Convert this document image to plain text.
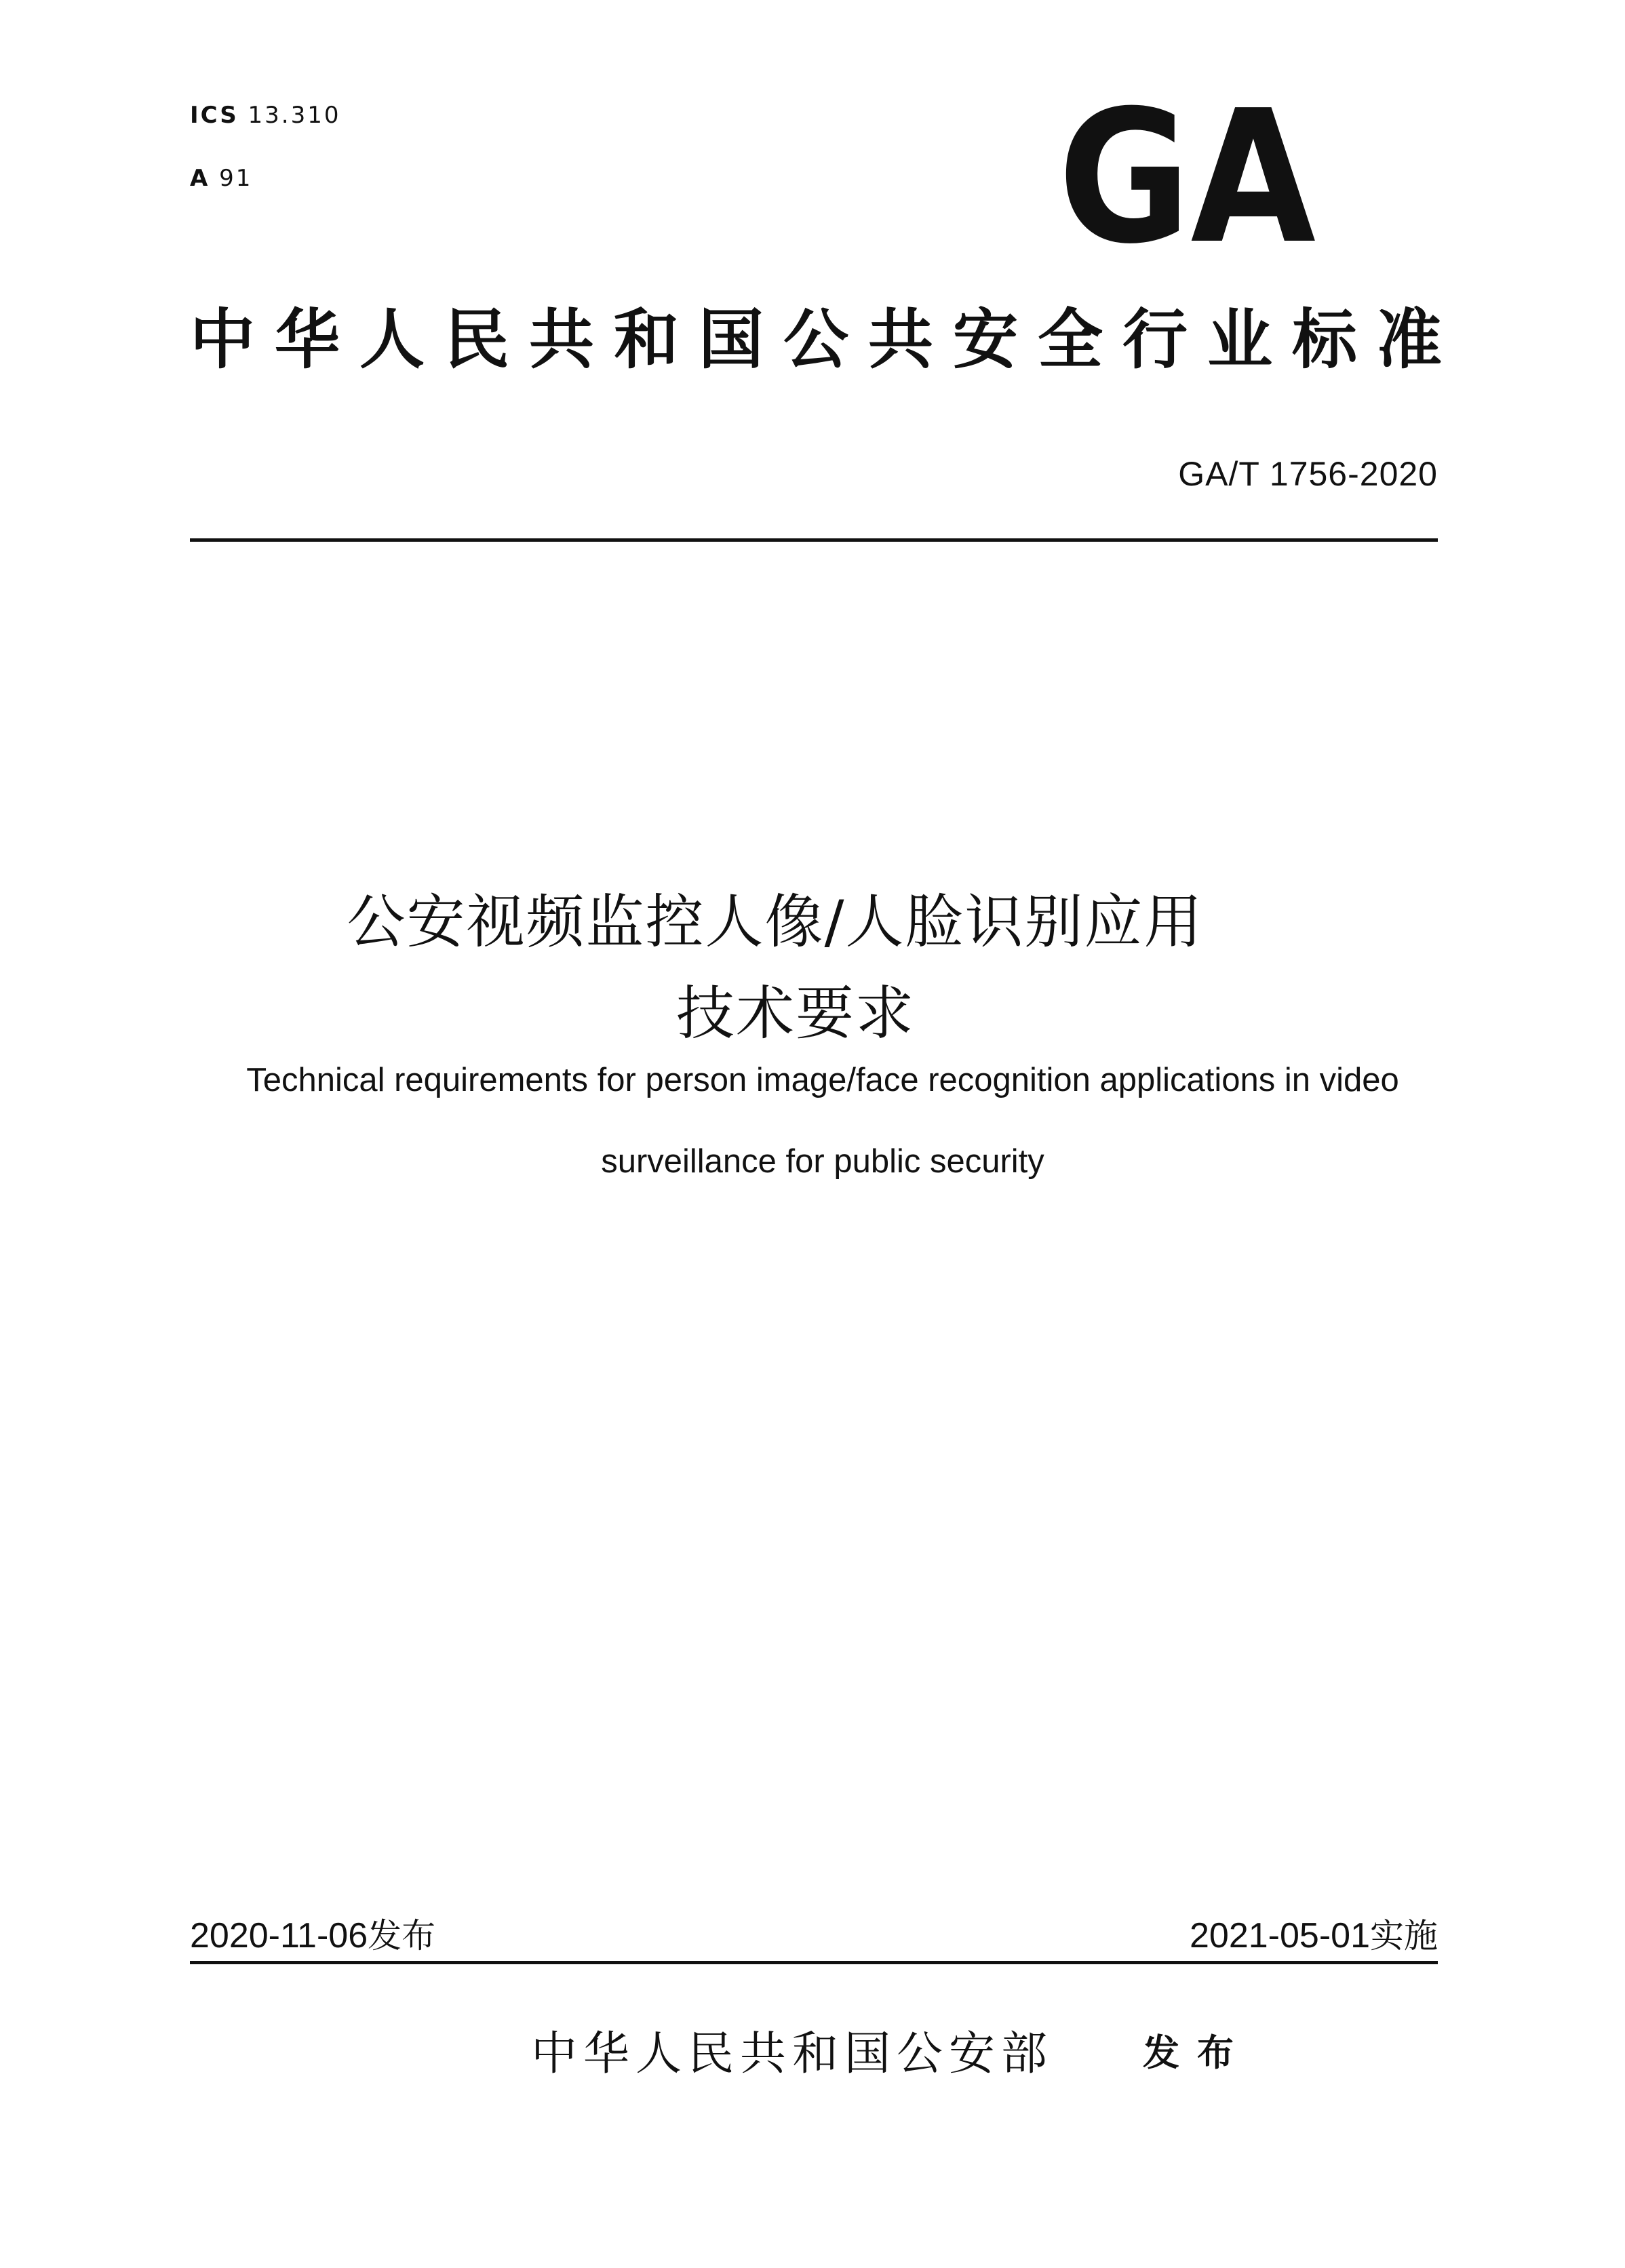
ICS 13.310
A 91	GA
中华人民共和国公共安全行业标准
GA/T 1756-2020
公安视频监控人像/人脸识别应用
技术要求
Technical requirements for person image/face recognition applications in video
surveillance for public security
2020-11-06发布	2021-05-01实施
中华人民共和国公安部 发布
